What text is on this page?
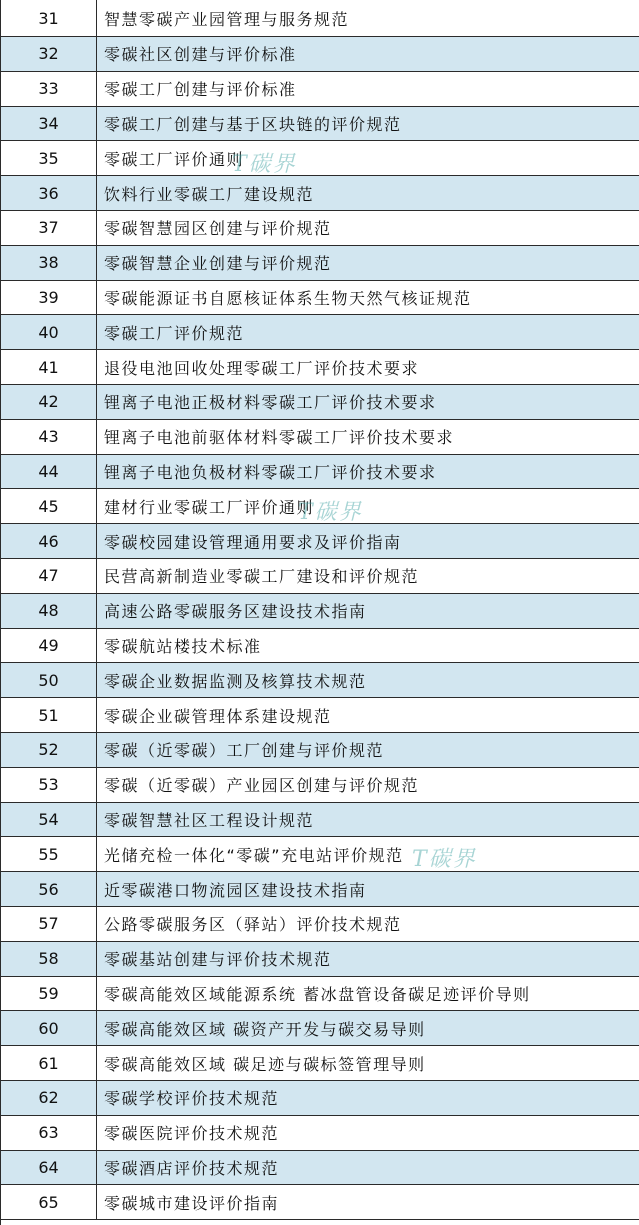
31	智慧零碳产业园管理与服务规范
32	零碳社区创建与评价标准
33	零碳工厂创建与评价标准
34	零碳工厂创建与基于区块链的评价规范
35	零碳工厂评价通则
36	饮料行业零碳工厂建设规范
37	零碳智慧园区创建与评价规范
38	零碳智慧企业创建与评价规范
39	零碳能源证书自愿核证体系生物天然气核证规范
40	零碳工厂评价规范
41	退役电池回收处理零碳工厂评价技术要求
42	锂离子电池正极材料零碳工厂评价技术要求
43	锂离子电池前驱体材料零碳工厂评价技术要求
44	锂离子电池负极材料零碳工厂评价技术要求
45	建材行业零碳工厂评价通则
46	零碳校园建设管理通用要求及评价指南
47	民营高新制造业零碳工厂建设和评价规范
48	高速公路零碳服务区建设技术指南
49	零碳航站楼技术标准
50	零碳企业数据监测及核算技术规范
51	零碳企业碳管理体系建设规范
52	零碳（近零碳）工厂创建与评价规范
53	零碳（近零碳）产业园区创建与评价规范
54	零碳智慧社区工程设计规范
55	光储充检一体化“零碳”充电站评价规范
56	近零碳港口物流园区建设技术指南
57	公路零碳服务区（驿站）评价技术规范
58	零碳基站创建与评价技术规范
59	零碳高能效区域能源系统 蓄冰盘管设备碳足迹评价导则
60	零碳高能效区域 碳资产开发与碳交易导则
61	零碳高能效区域 碳足迹与碳标签管理导则
62	零碳学校评价技术规范
63	零碳医院评价技术规范
64	零碳酒店评价技术规范
65	零碳城市建设评价指南
T碳界
T碳界
T碳界
